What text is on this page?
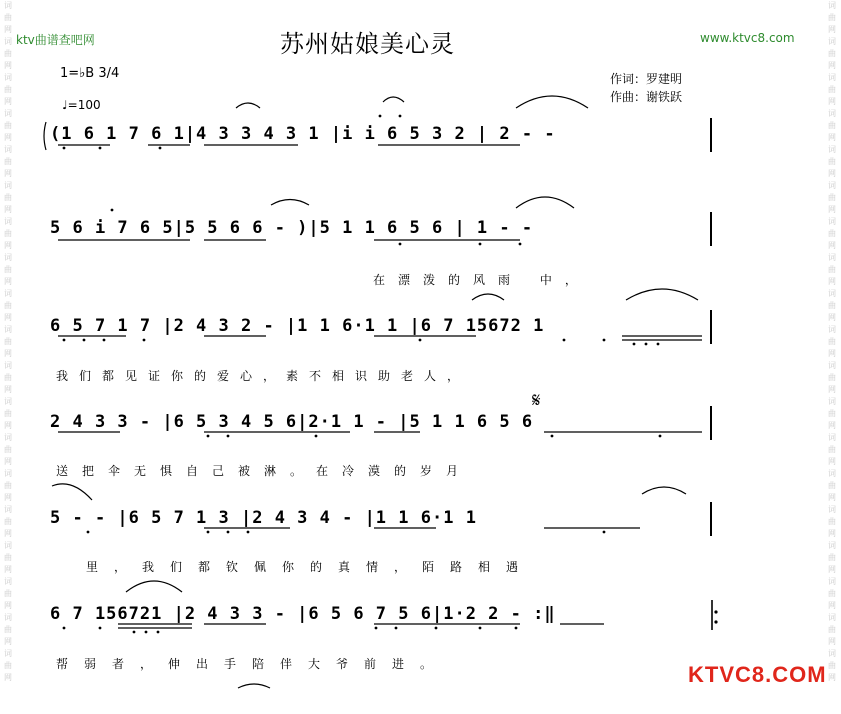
词
曲
网
词
曲
网
词
曲
网
词
曲
网
词
曲
网
词
曲
网
词
曲
网
词
曲
网
词
曲
网
词
曲
网
词
曲
网
词
曲
网
词
曲
网
词
曲
网
词
曲
网
词
曲
网
词
曲
网
词
曲
网
词
曲
网
词
曲
网
词
曲
网
词
曲
网
词
曲
网
词
曲
网
词
曲
网
词
曲
网
词
曲
网
词
曲
网
词
曲
网
词
曲
网
词
曲
网
词
曲
网
词
曲
网
词
曲
网
词
曲
网
词
曲
网
词
曲
网
词
曲
网
ktv曲谱查吧网	www.ktvc8.com
苏州姑娘美心灵
1=♭B 3/4
♩=100
作词：罗建明
作曲：谢铁跃
(1 6 1 7 6 1|4 3 3 4 3 1 |i i 6 5 3 2 | 2 - -
5 6 i 7 6 5|5 5 6 6 - )|5 1 1 6 5 6 | 1 - -
在漂泼的风雨 中，
6 5 7 1 7 |2 4 3 2 - |1 1 6·1 1 |6 7 15672 1
我们都见证你的爱心，素不相识助老人，
2 4 3 3 - |6 5 3 4 5 6|2·1 1 - |5 1 1 6 5 6
送把伞无惧自己被淋。在冷漠的岁月
𝄋
5 - - |6 5 7 1 3 |2 4 3 4 - |1 1 6·1 1
里，我们都钦佩你的真情，陌路相遇
6 7 156721 |2 4 3 3 - |6 5 6 7 5 6|1·2 2 - :‖
帮弱者，伸出手陪伴大爷前进。	KTVC8.COM
